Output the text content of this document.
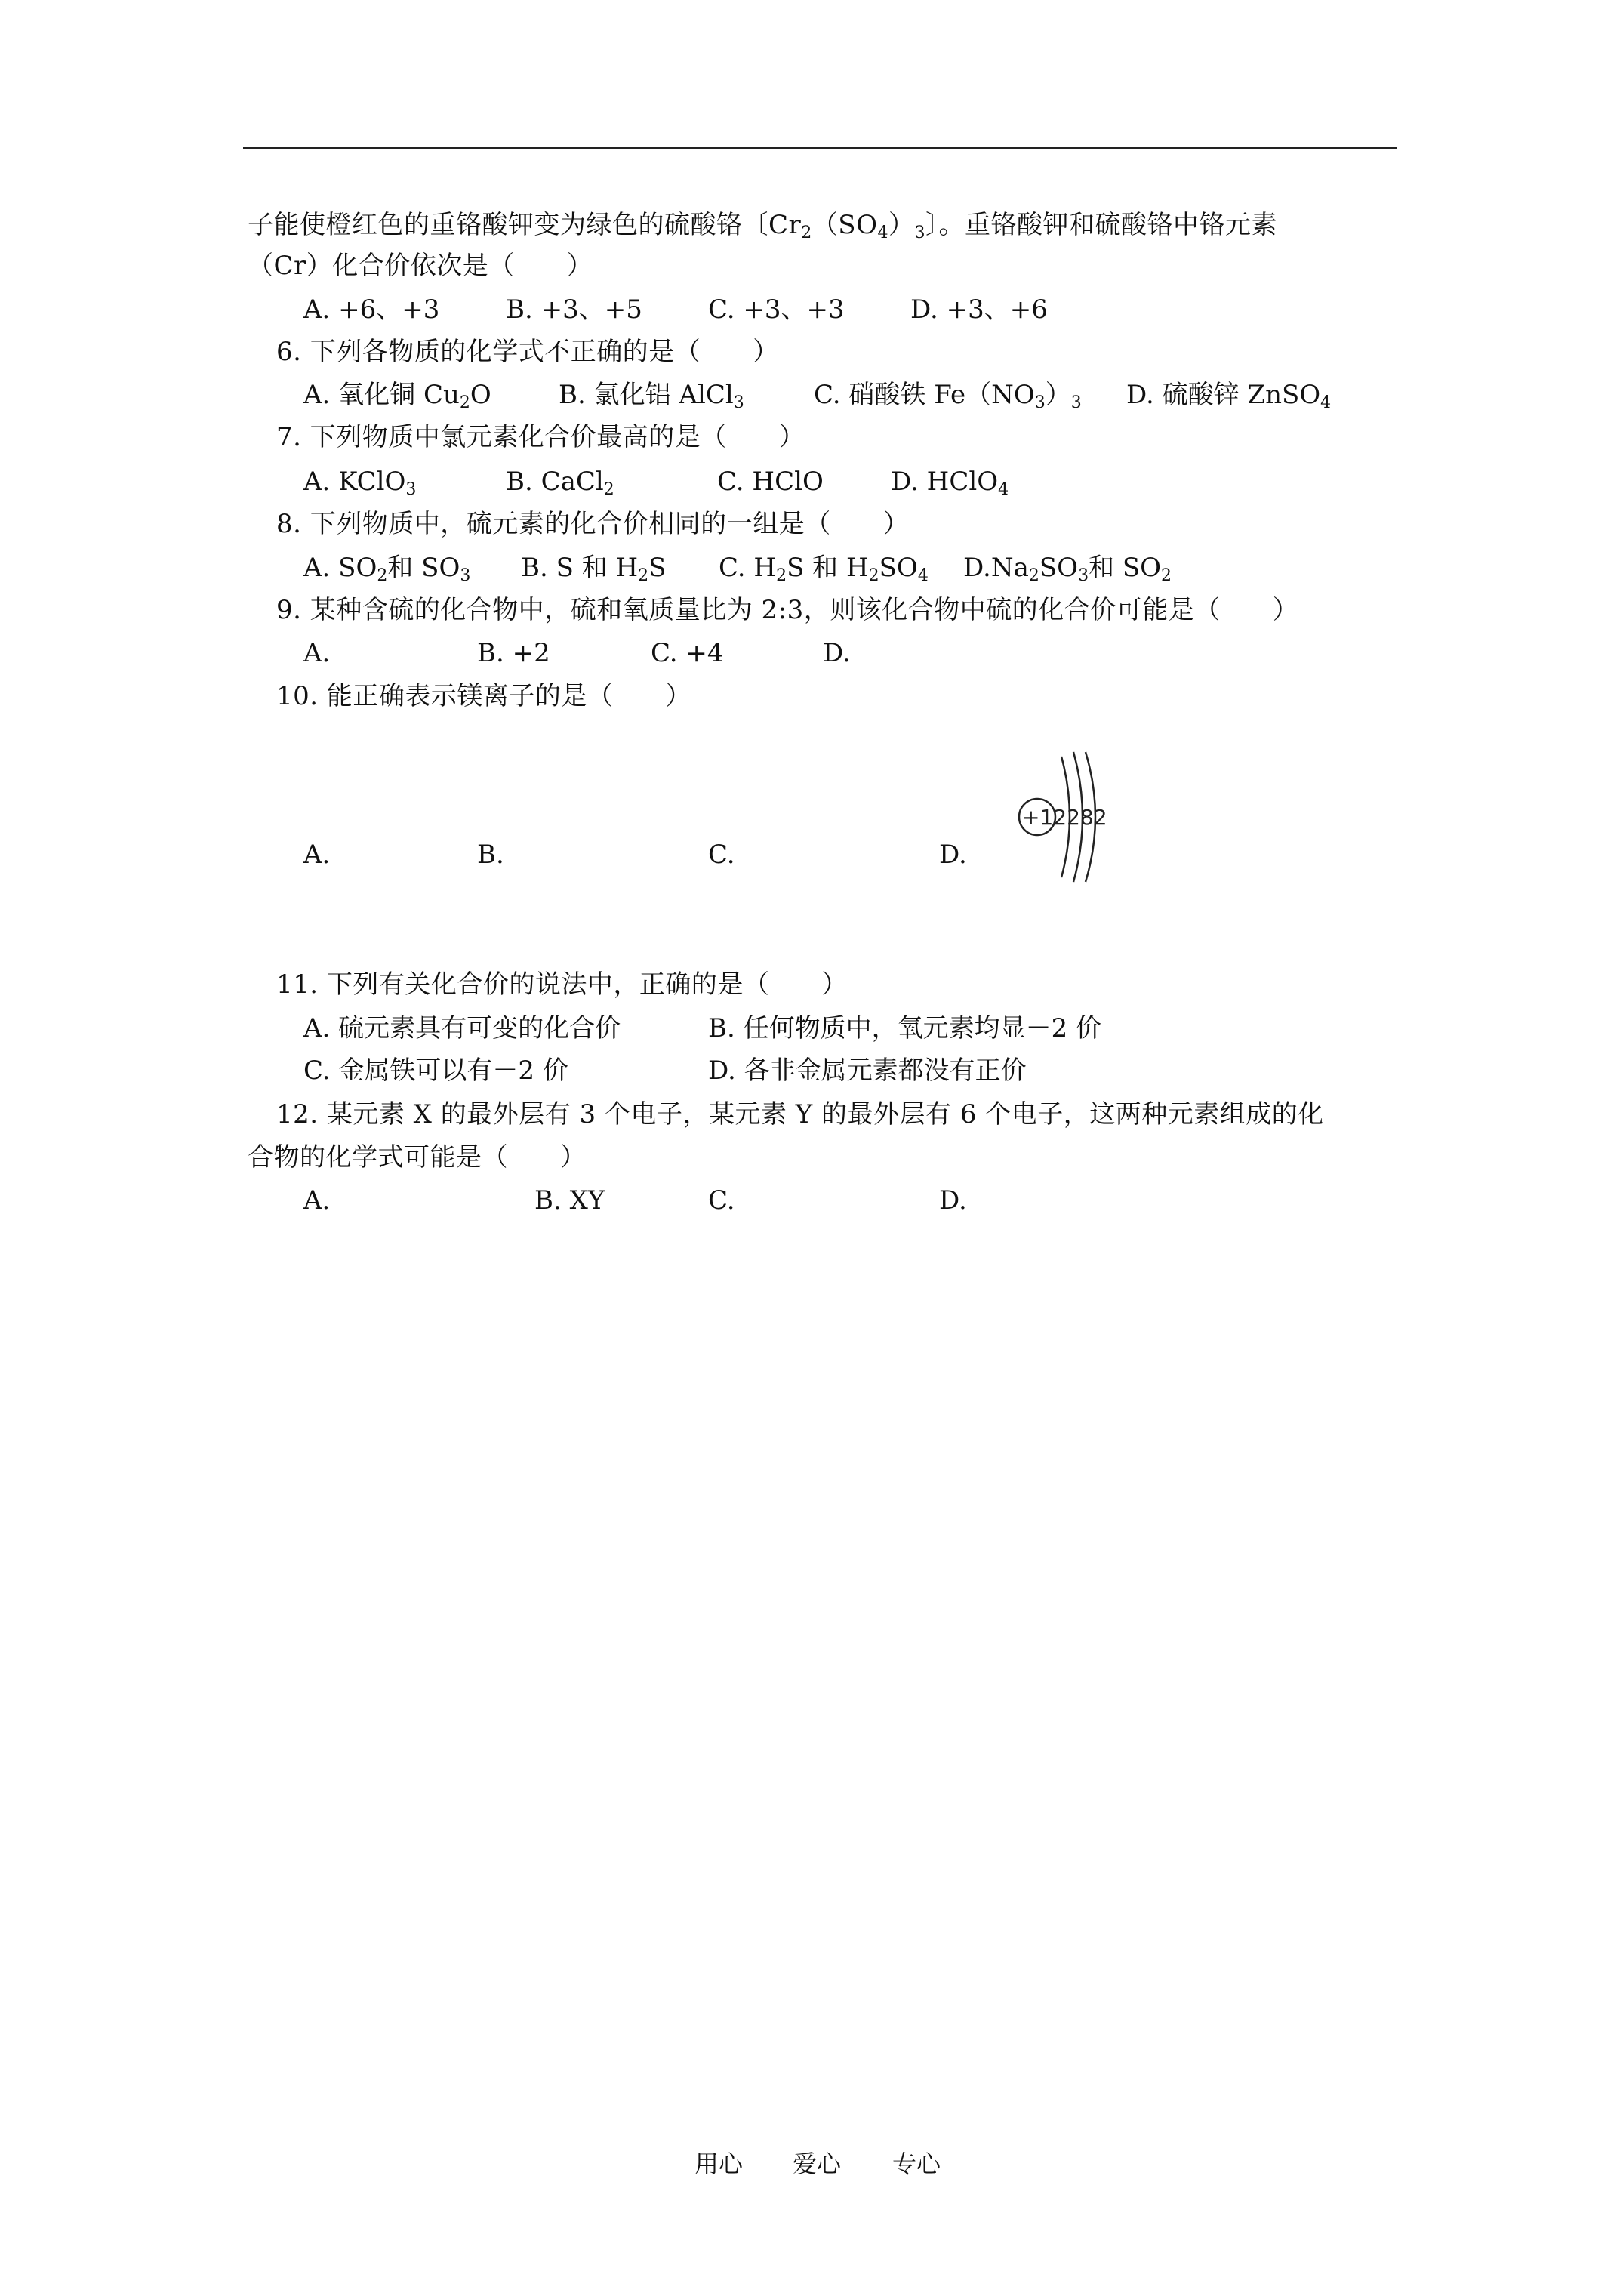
子能使橙红色的重铬酸钾变为绿色的硫酸铬〔$Cr_2(SO_4)_3$〕。重铬酸钾和硫酸铬中铬元素
（Cr）化合价依次是（　　）
A. +6、+3	B. +3、+5	C. +3、+3	D. +3、+6
6. 下列各物质的化学式不正确的是（　　）
A. 氧化铜 $Cu_2O$	B. 氯化铝 AlCl$_3$	C. 硝酸铁 $Fe(NO_3)_3$ D. 硫酸锌 ZnSO$_4$
7. 下列物质中氯元素化合价最高的是（　　）
A. KClO$_3$	B. CaCl$_2$	C. HClO	D. HClO$_4$
8. 下列物质中，硫元素的化合价相同的一组是（　　）
A. $SO_2$和 $SO_3$ B. S 和 $H_2S$ C. $H_2S$ 和 $H_2SO_4$ $D.Na_2SO_3$和 $SO_2$
9. 某种含硫的化合物中，硫和氧质量比为 2:3，则该化合物中硫的化合价可能是（　　）
A.	B. +2	C. +4	D.
10. 能正确表示镁离子的是（　　）
A.	B.	C.	D.
+12282
11. 下列有关化合价的说法中，正确的是（　　）
A. 硫元素具有可变的化合价	B. 任何物质中，氧元素均显－2 价
C. 金属铁可以有－2 价	D. 各非金属元素都没有正价
12. 某元素 X 的最外层有 3 个电子，某元素 Y 的最外层有 6 个电子，这两种元素组成的化
合物的化学式可能是（　　）
A.	B. XY	C.	D.
用心 爱心 专心
